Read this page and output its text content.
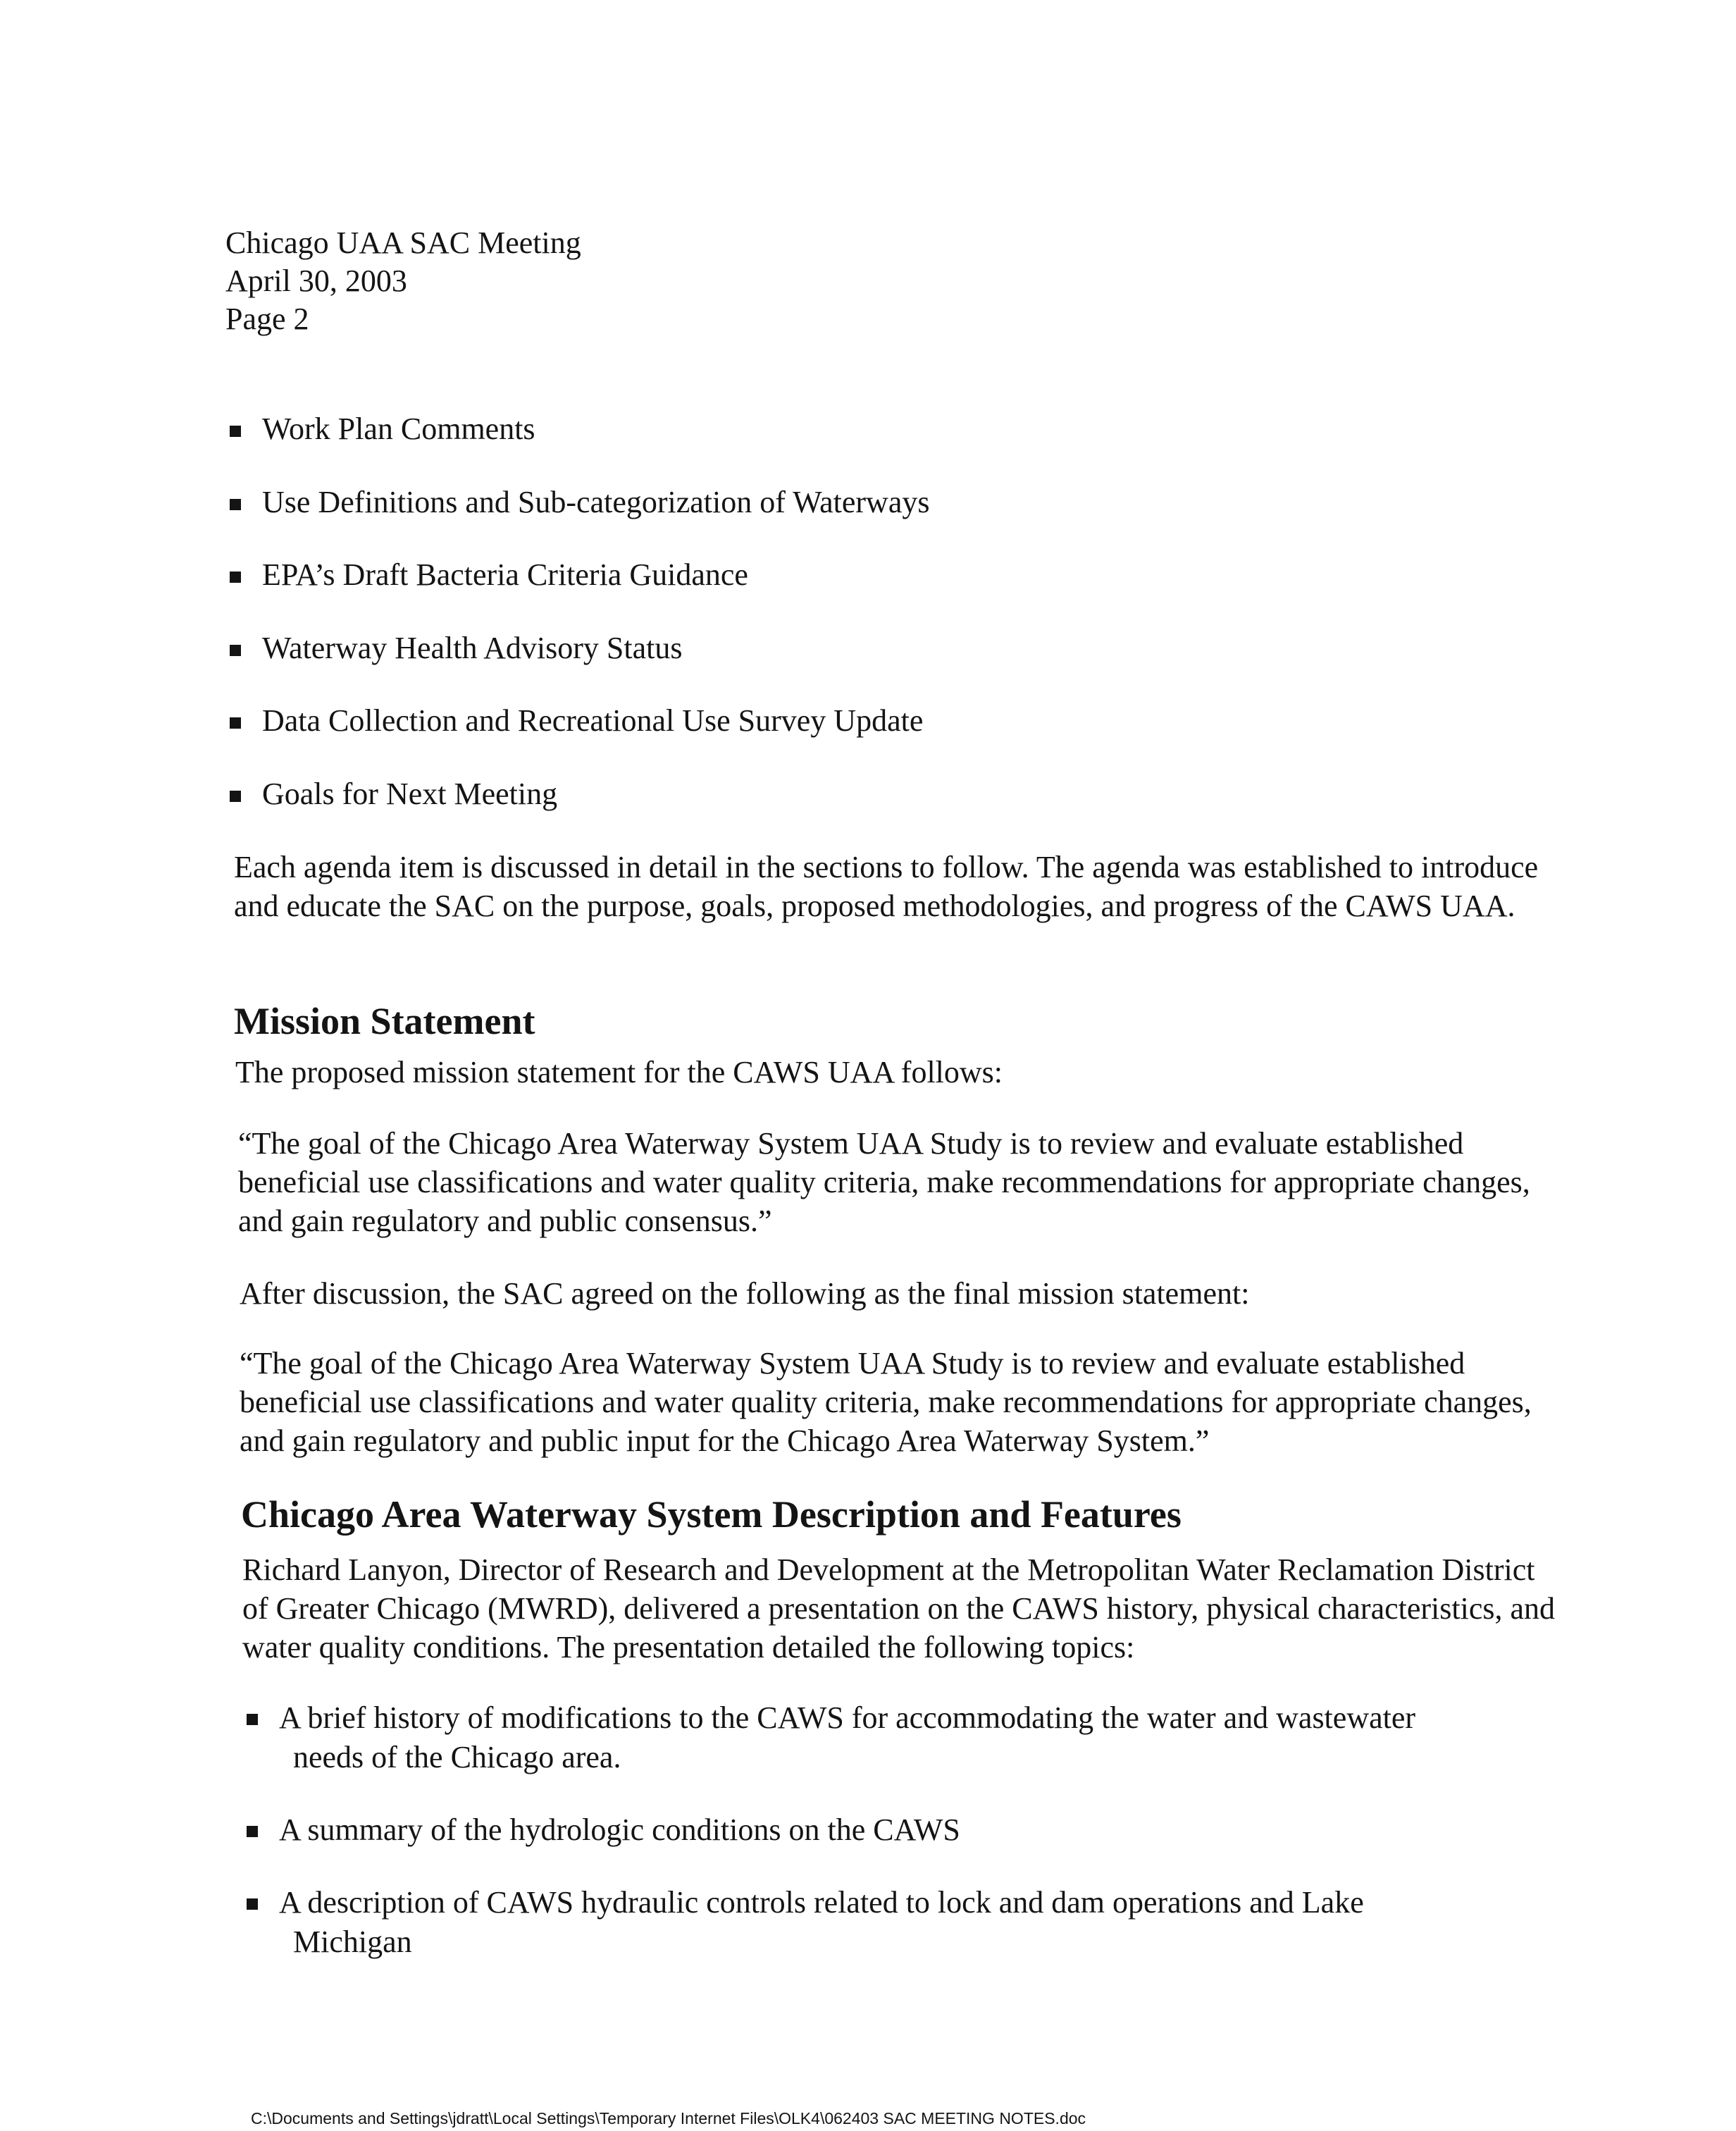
Chicago UAA SAC Meeting
April 30, 2003
Page 2
Work Plan Comments
Use Definitions and Sub-categorization of Waterways
EPA’s Draft Bacteria Criteria Guidance
Waterway Health Advisory Status
Data Collection and Recreational Use Survey Update
Goals for Next Meeting

Each agenda item is discussed in detail in the sections to follow. The agenda was established to introduce and educate the SAC on the purpose, goals, proposed methodologies, and progress of the CAWS UAA.

Mission Statement

The proposed mission statement for the CAWS UAA follows:

“The goal of the Chicago Area Waterway System UAA Study is to review and evaluate established beneficial use classifications and water quality criteria, make recommendations for appropriate changes, and gain regulatory and public consensus.”

After discussion, the SAC agreed on the following as the final mission statement:

“The goal of the Chicago Area Waterway System UAA Study is to review and evaluate established beneficial use classifications and water quality criteria, make recommendations for appropriate changes, and gain regulatory and public input for the Chicago Area Waterway System.”

Chicago Area Waterway System Description and Features

Richard Lanyon, Director of Research and Development at the Metropolitan Water Reclamation District of Greater Chicago (MWRD), delivered a presentation on the CAWS history, physical characteristics, and water quality conditions. The presentation detailed the following topics:

A brief history of modifications to the CAWS for accommodating the water and wastewater
needs of the Chicago area.
A summary of the hydrologic conditions on the CAWS
A description of CAWS hydraulic controls related to lock and dam operations and Lake
Michigan
C:\Documents and Settings\jdratt\Local Settings\Temporary Internet Files\OLK4\062403 SAC MEETING NOTES.doc
